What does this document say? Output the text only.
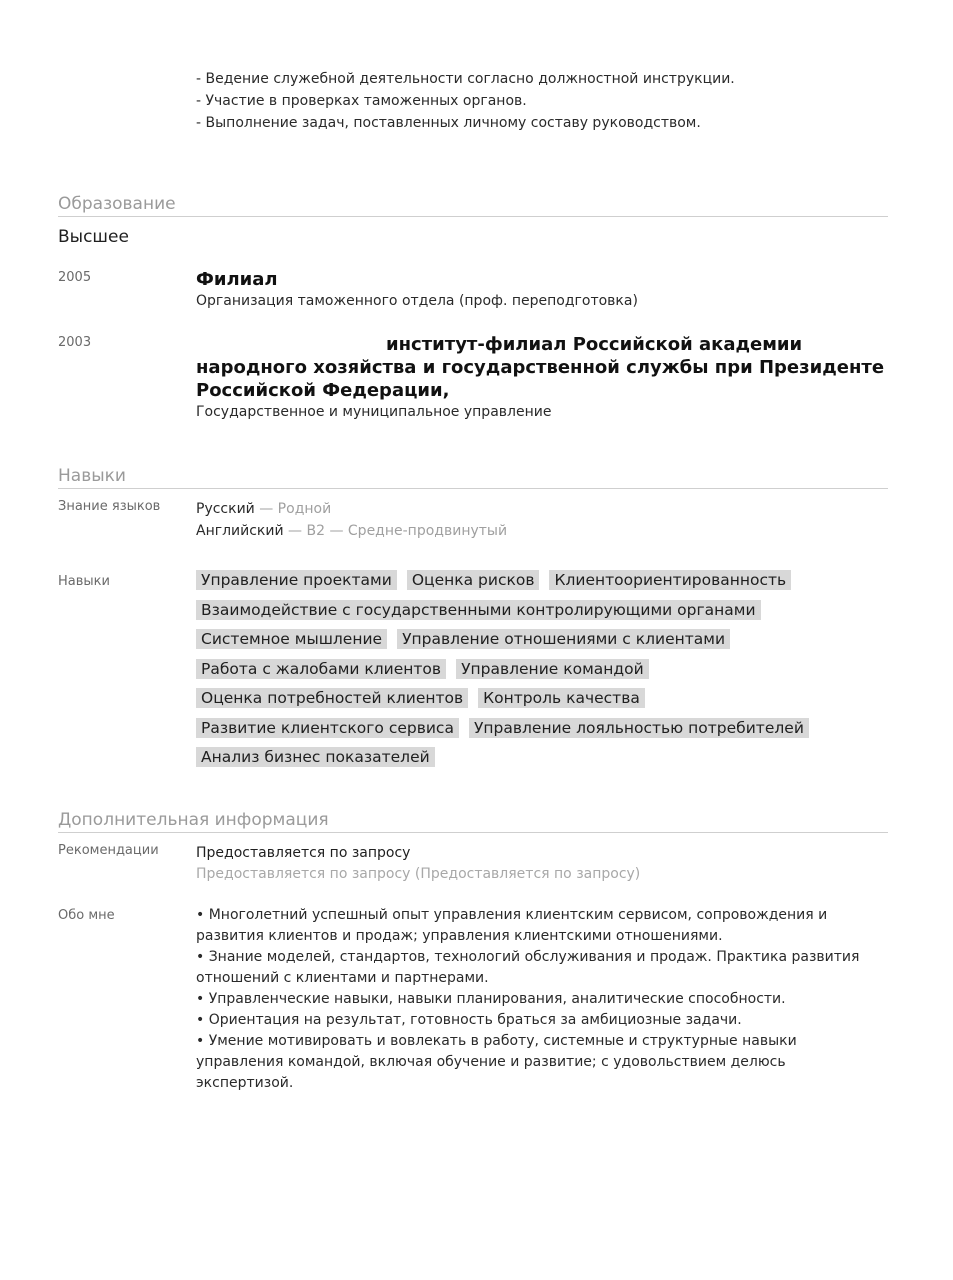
- Ведение служебной деятельности согласно должностной инструкции.
- Участие в проверках таможенных органов.
- Выполнение задач, поставленных личному составу руководством.
Образование
Высшее
2005	Филиал
Организация таможенного отдела (проф. переподготовка)
2003	институт-филиал Российской академии
народного хозяйства и государственной службы при Президенте
Российской Федерации,
Государственное и муниципальное управление
Навыки
Знание языков	Русский — Родной
Английский — B2 — Средне-продвинутый
Навыки	Управление проектами Оценка рисков Клиентоориентированность
Взаимодействие с государственными контролирующими органами
Системное мышление Управление отношениями с клиентами
Работа с жалобами клиентов Управление командой
Оценка потребностей клиентов Контроль качества
Развитие клиентского сервиса Управление лояльностью потребителей
Анализ бизнес показателей
Дополнительная информация
Рекомендации	Предоставляется по запросу
Предоставляется по запросу (Предоставляется по запросу)
Обо мне	• Многолетний успешный опыт управления клиентским сервисом, сопровождения и развития клиентов и продаж; управления клиентскими отношениями.
• Знание моделей, стандартов, технологий обслуживания и продаж. Практика развития отношений с клиентами и партнерами.
• Управленческие навыки, навыки планирования, аналитические способности.
• Ориентация на результат, готовность браться за амбициозные задачи.
• Умение мотивировать и вовлекать в работу, системные и структурные навыки управления командой, включая обучение и развитие; с удовольствием делюсь экспертизой.
